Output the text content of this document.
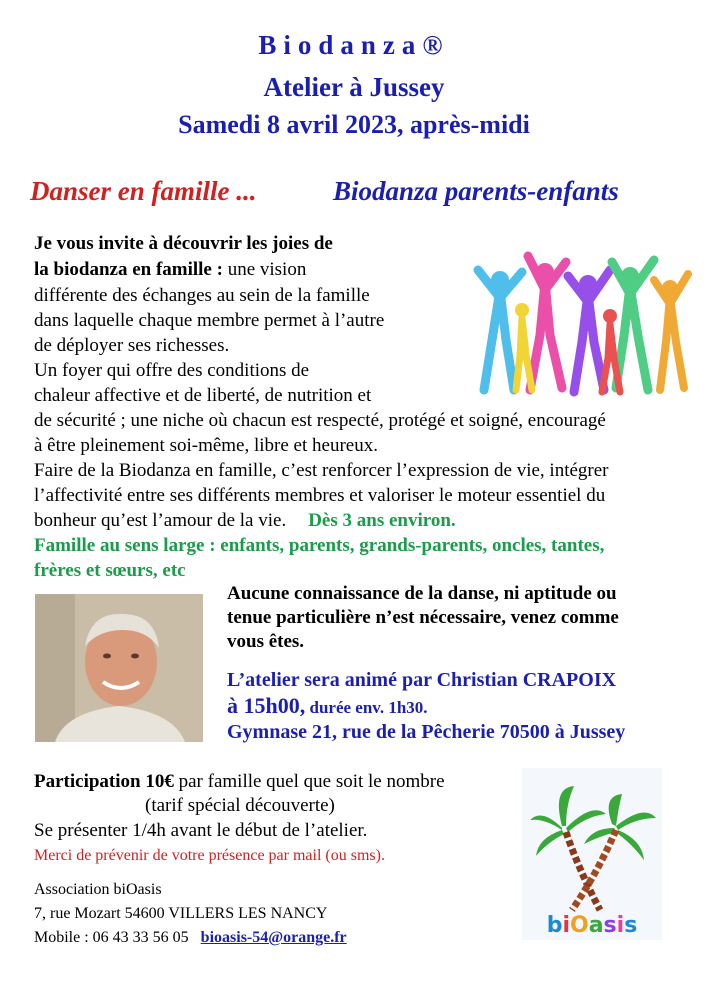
Biodanza®
Atelier à Jussey
Samedi 8 avril 2023, après-midi
Danser en famille ...	Biodanza parents-enfants
Je vous invite à découvrir les joies de
la biodanza en famille : une vision
différente des échanges au sein de la famille
dans laquelle chaque membre permet à l’autre
de déployer ses richesses.
Un foyer qui offre des conditions de
chaleur affective et de liberté, de nutrition et
de sécurité ; une niche où chacun est respecté, protégé et soigné, encouragé
à être pleinement soi-même, libre et heureux.
Faire de la Biodanza en famille, c’est renforcer l’expression de vie, intégrer
l’affectivité entre ses différents membres et valoriser le moteur essentiel du
bonheur qu’est l’amour de la vie. Dès 3 ans environ.
Famille au sens large : enfants, parents, grands-parents, oncles, tantes,
frères et sœurs, etc
Aucune connaissance de la danse, ni aptitude ou
tenue particulière n’est nécessaire, venez comme
vous êtes.
L’atelier sera animé par Christian CRAPOIX
à 15h00, durée env. 1h30.
Gymnase 21, rue de la Pêcherie 70500 à Jussey
Participation 10€ par famille quel que soit le nombre
(tarif spécial découverte)
Se présenter 1/4h avant le début de l’atelier.
Merci de prévenir de votre présence par mail (ou sms).
Association biOasis
7, rue Mozart 54600 VILLERS LES NANCY
Mobile : 06 43 33 56 05 bioasis-54@orange.fr	biOasis
